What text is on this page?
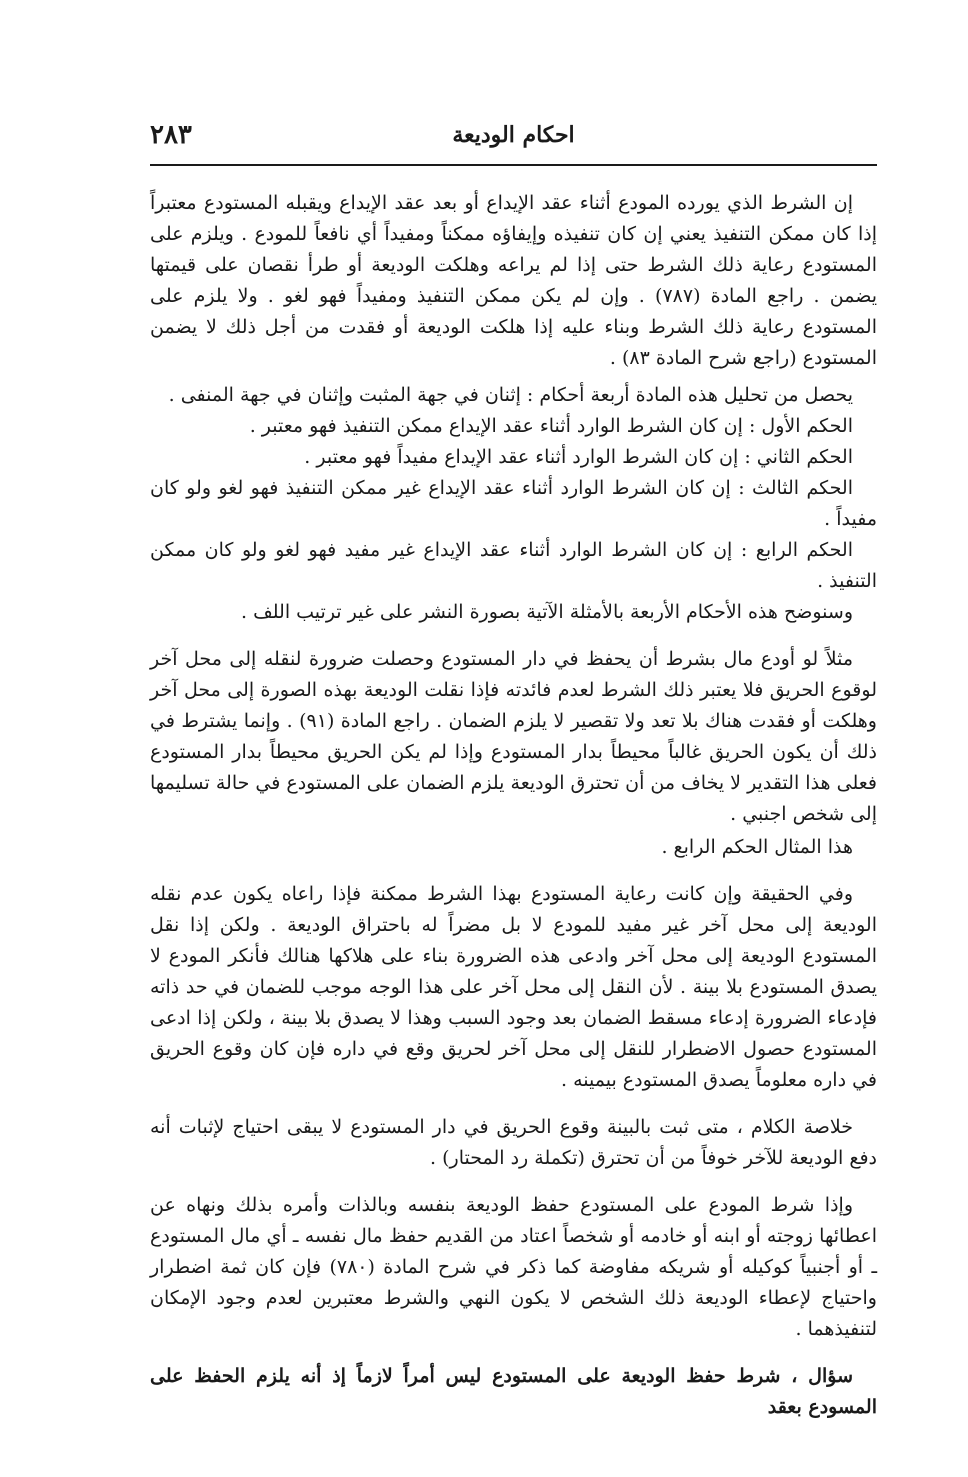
احكام الوديعة
٢٨٣

إن الشرط الذي يورده المودع أثناء عقد الإيداع أو بعد عقد الإيداع ويقبله المستودع معتبراً إذا كان ممكن التنفيذ يعني إن كان تنفيذه وإيفاؤه ممكناً ومفيداً أي نافعاً للمودع . ويلزم على المستودع رعاية ذلك الشرط حتى إذا لم يراعه وهلكت الوديعة أو طرأ نقصان على قيمتها يضمن . راجع المادة (٧٨٧) . وإن لم يكن ممكن التنفيذ ومفيداً فهو لغو . ولا يلزم على المستودع رعاية ذلك الشرط وبناء عليه إذا هلكت الوديعة أو فقدت من أجل ذلك لا يضمن المستودع (راجع شرح المادة ٨٣) .

يحصل من تحليل هذه المادة أربعة أحكام : إثنان في جهة المثبت وإثنان في جهة المنفى .
الحكم الأول : إن كان الشرط الوارد أثناء عقد الإيداع ممكن التنفيذ فهو معتبر .
الحكم الثاني : إن كان الشرط الوارد أثناء عقد الإيداع مفيداً فهو معتبر .
الحكم الثالث : إن كان الشرط الوارد أثناء عقد الإيداع غير ممكن التنفيذ فهو لغو ولو كان مفيداً .
الحكم الرابع : إن كان الشرط الوارد أثناء عقد الإيداع غير مفيد فهو لغو ولو كان ممكن التنفيذ .
وسنوضح هذه الأحكام الأربعة بالأمثلة الآتية بصورة النشر على غير ترتيب اللف .

مثلاً لو أودع مال بشرط أن يحفظ في دار المستودع وحصلت ضرورة لنقله إلى محل آخر لوقوع الحريق فلا يعتبر ذلك الشرط لعدم فائدته فإذا نقلت الوديعة بهذه الصورة إلى محل آخر وهلكت أو فقدت هناك بلا تعد ولا تقصير لا يلزم الضمان . راجع المادة (٩١) . وإنما يشترط في ذلك أن يكون الحريق غالباً محيطاً بدار المستودع وإذا لم يكن الحريق محيطاً بدار المستودع فعلى هذا التقدير لا يخاف من أن تحترق الوديعة يلزم الضمان على المستودع في حالة تسليمها إلى شخص اجنبي .
هذا المثال الحكم الرابع .

وفي الحقيقة وإن كانت رعاية المستودع بهذا الشرط ممكنة فإذا راعاه يكون عدم نقله الوديعة إلى محل آخر غير مفيد للمودع لا بل مضراً له باحتراق الوديعة . ولكن إذا نقل المستودع الوديعة إلى محل آخر وادعى هذه الضرورة بناء على هلاكها هنالك فأنكر المودع لا يصدق المستودع بلا بينة . لأن النقل إلى محل آخر على هذا الوجه موجب للضمان في حد ذاته فإدعاء الضرورة إدعاء مسقط الضمان بعد وجود السبب وهذا لا يصدق بلا بينة ، ولكن إذا ادعى المستودع حصول الاضطرار للنقل إلى محل آخر لحريق وقع في داره فإن كان وقوع الحريق في داره معلوماً يصدق المستودع بيمينه .

خلاصة الكلام ، متى ثبت بالبينة وقوع الحريق في دار المستودع لا يبقى احتياج لإثبات أنه دفع الوديعة للآخر خوفاً من أن تحترق (تكملة رد المحتار) .

وإذا شرط المودع على المستودع حفظ الوديعة بنفسه وبالذات وأمره بذلك ونهاه عن اعطائها زوجته أو ابنه أو خادمه أو شخصاً اعتاد من القديم حفظ مال نفسه ـ أي مال المستودع ـ أو أجنبياً كوكيله أو شريكه مفاوضة كما ذكر في شرح المادة (٧٨٠) فإن كان ثمة اضطرار واحتياج لإعطاء الوديعة ذلك الشخص لا يكون النهي والشرط معتبرين لعدم وجود الإمكان لتنفيذهما .

سؤال ، شرط حفظ الوديعة على المستودع ليس أمراً لازماً إذ أنه يلزم الحفظ على المسودع بعقد
